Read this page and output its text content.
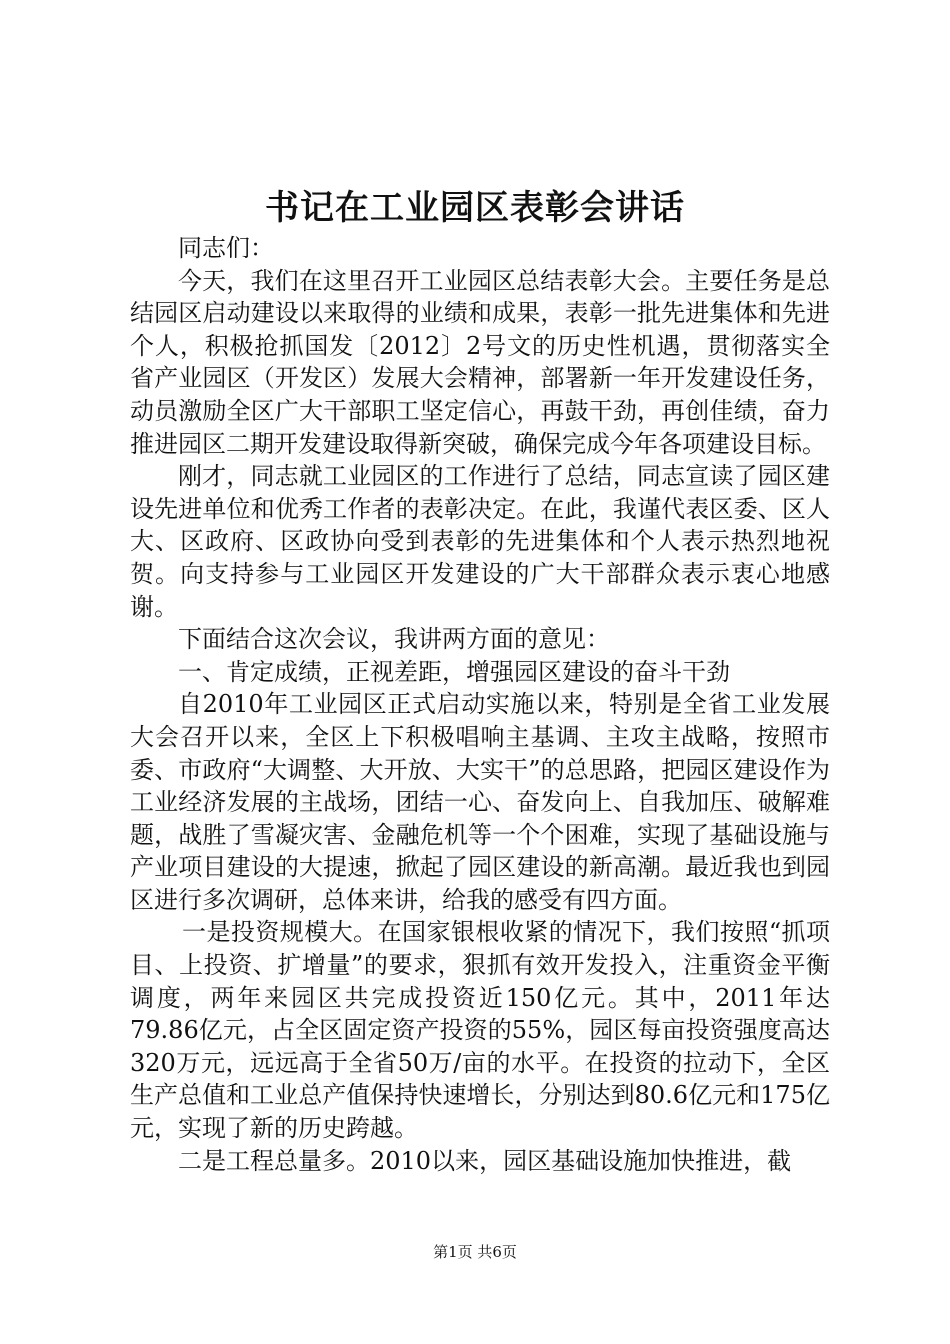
书记在工业园区表彰会讲话

同志们：

今天，我们在这里召开工业园区总结表彰大会。主要任务是总结园区启动建设以来取得的业绩和成果，表彰一批先进集体和先进个人，积极抢抓国发〔2012〕2号文的历史性机遇，贯彻落实全省产业园区（开发区）发展大会精神，部署新一年开发建设任务，动员激励全区广大干部职工坚定信心，再鼓干劲，再创佳绩，奋力推进园区二期开发建设取得新突破，确保完成今年各项建设目标。

刚才，同志就工业园区的工作进行了总结，同志宣读了园区建设先进单位和优秀工作者的表彰决定。在此，我谨代表区委、区人大、区政府、区政协向受到表彰的先进集体和个人表示热烈地祝贺。向支持参与工业园区开发建设的广大干部群众表示衷心地感谢。

下面结合这次会议，我讲两方面的意见：

一、肯定成绩，正视差距，增强园区建设的奋斗干劲

自2010年工业园区正式启动实施以来，特别是全省工业发展大会召开以来，全区上下积极唱响主基调、主攻主战略，按照市委、市政府“大调整、大开放、大实干”的总思路，把园区建设作为工业经济发展的主战场，团结一心、奋发向上、自我加压、破解难题，战胜了雪凝灾害、金融危机等一个个困难，实现了基础设施与产业项目建设的大提速，掀起了园区建设的新高潮。最近我也到园区进行多次调研，总体来讲，给我的感受有四方面。

一是投资规模大。在国家银根收紧的情况下，我们按照“抓项目、上投资、扩增量”的要求，狠抓有效开发投入，注重资金平衡调度，两年来园区共完成投资近150亿元。其中，2011年达79.86亿元，占全区固定资产投资的55%，园区每亩投资强度高达320万元，远远高于全省50万/亩的水平。在投资的拉动下，全区生产总值和工业总产值保持快速增长，分别达到80.6亿元和175亿元，实现了新的历史跨越。

二是工程总量多。2010以来，园区基础设施加快推进，截

第1页 共6页
